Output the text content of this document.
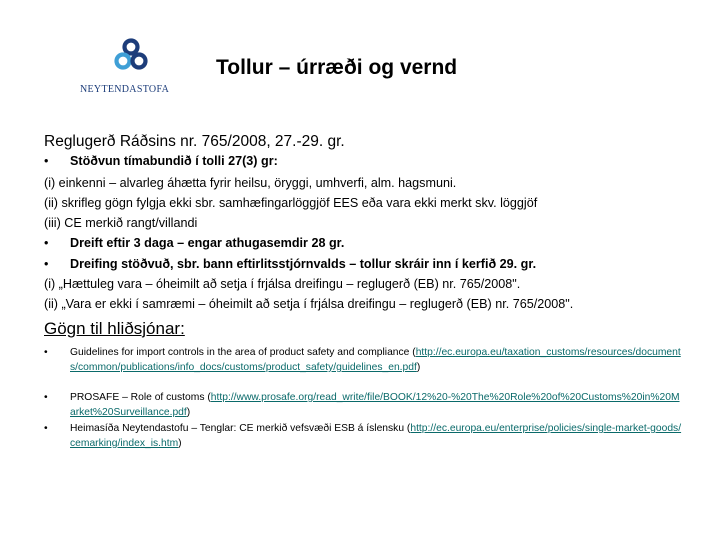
NEYTENDASTOFA
Tollur – úrræði og vernd
Reglugerð Ráðsins nr. 765/2008, 27.-29. gr.
• Stöðvun tímabundið í tolli 27(3) gr:
(i) einkenni – alvarleg áhætta fyrir heilsu, öryggi, umhverfi, alm. hagsmuni.
(ii) skrifleg gögn fylgja ekki sbr. samhæfingarlöggjöf EES eða vara ekki merkt skv. löggjöf
(iii) CE merkið rangt/villandi
• Dreift eftir 3 daga – engar athugasemdir 28 gr.
• Dreifing stöðvuð, sbr. bann eftirlitsstjórnvalds – tollur skráir inn í kerfið 29. gr.
(i) „Hættuleg vara – óheimilt að setja í frjálsa dreifingu – reglugerð (EB) nr. 765/2008".
(ii) „Vara er ekki í samræmi – óheimilt að setja í frjálsa dreifingu – reglugerð (EB) nr. 765/2008".
Gögn til hliðsjónar:
•	Guidelines for import controls in the area of product safety and compliance (http://ec.europa.eu/taxation_customs/resources/documents/common/publications/info_docs/customs/product_safety/guidelines_en.pdf)
•	PROSAFE – Role of customs (http://www.prosafe.org/read_write/file/BOOK/12%20-%20The%20Role%20of%20Customs%20in%20Market%20Surveillance.pdf)
•	Heimasíða Neytendastofu – Tenglar: CE merkið vefsvæði ESB á íslensku (http://ec.europa.eu/enterprise/policies/single-market-goods/cemarking/index_is.htm)
